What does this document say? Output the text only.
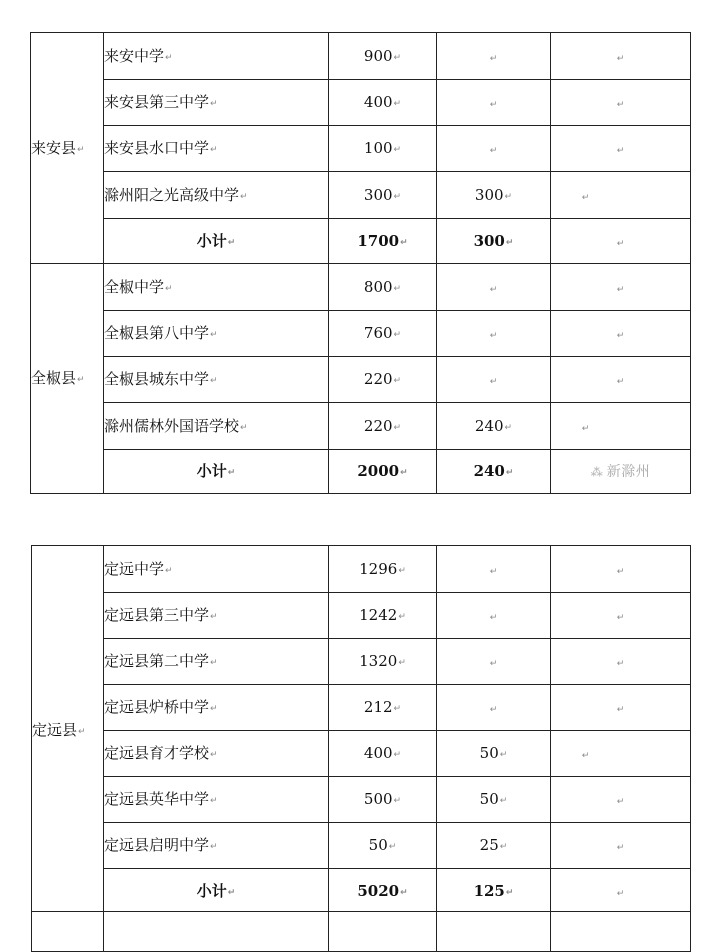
来安县↵	来安中学↵	900↵	↵	↵
	来安县第三中学↵	400↵	↵	↵
	来安县水口中学↵	100↵	↵	↵
	滁州阳之光高级中学↵	300↵	300↵	↵
	小计↵	1700↵	300↵	↵
全椒县↵	全椒中学↵	800↵	↵	↵
	全椒县第八中学↵	760↵	↵	↵
	全椒县城东中学↵	220↵	↵	↵
	滁州儒林外国语学校↵	220↵	240↵	↵
	小计↵	2000↵	240↵	⁂ 新滁州
定远县↵	定远中学↵	1296↵	↵	↵
	定远县第三中学↵	1242↵	↵	↵
	定远县第二中学↵	1320↵	↵	↵
	定远县炉桥中学↵	212↵	↵	↵
	定远县育才学校↵	400↵	50↵	↵
	定远县英华中学↵	500↵	50↵	↵
	定远县启明中学↵	50↵	25↵	↵
	小计↵	5020↵	125↵	↵
